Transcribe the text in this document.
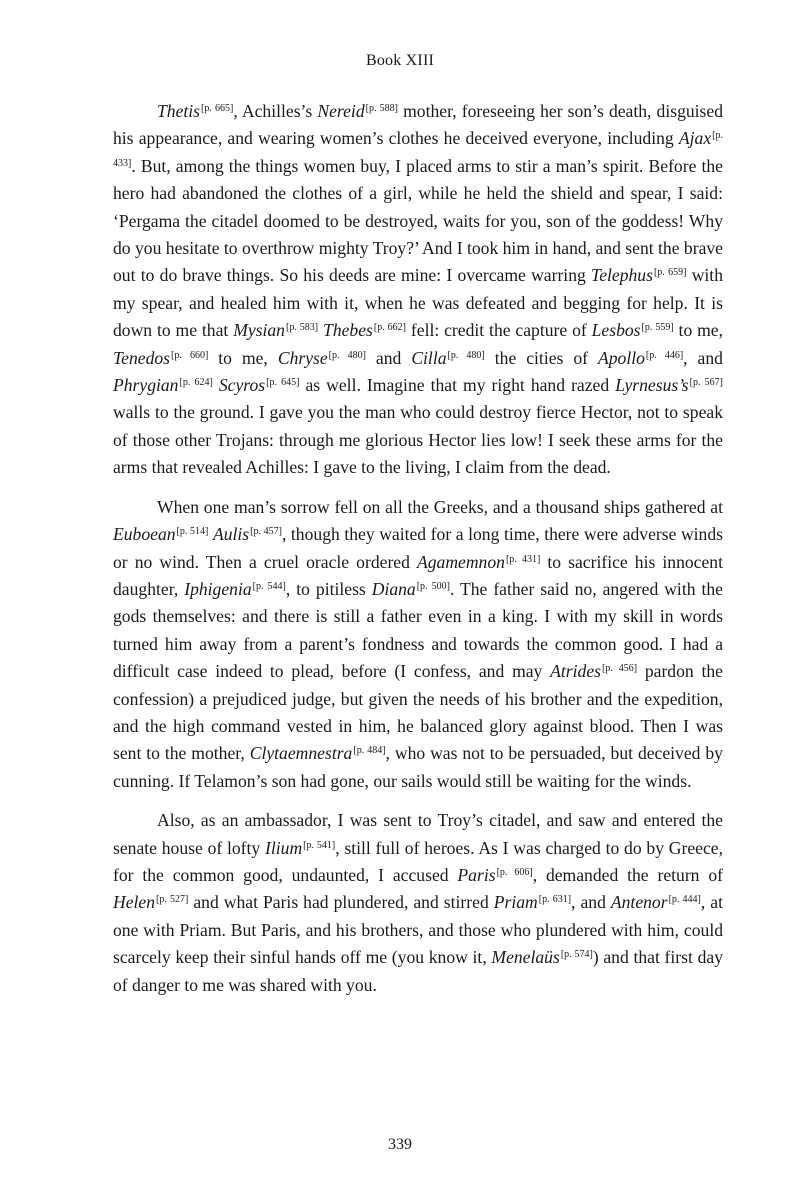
Book XIII

Thetis[p. 665], Achilles’s Nereid[p. 588] mother, foreseeing her son’s death, disguised his appearance, and wearing women’s clothes he deceived everyone, including Ajax[p. 433]. But, among the things women buy, I placed arms to stir a man’s spirit. Before the hero had abandoned the clothes of a girl, while he held the shield and spear, I said: ‘Pergama the citadel doomed to be destroyed, waits for you, son of the goddess! Why do you hesitate to overthrow mighty Troy?’ And I took him in hand, and sent the brave out to do brave things. So his deeds are mine: I overcame warring Telephus[p. 659] with my spear, and healed him with it, when he was defeated and begging for help. It is down to me that Mysian[p. 583] Thebes[p. 662] fell: credit the capture of Lesbos[p. 559] to me, Tenedos[p. 660] to me, Chryse[p. 480] and Cilla[p. 480] the cities of Apollo[p. 446], and Phrygian[p. 624] Scyros[p. 645] as well. Imagine that my right hand razed Lyrnesus’s[p. 567] walls to the ground. I gave you the man who could destroy fierce Hector, not to speak of those other Trojans: through me glorious Hector lies low! I seek these arms for the arms that revealed Achilles: I gave to the living, I claim from the dead.

When one man’s sorrow fell on all the Greeks, and a thousand ships gathered at Euboean[p. 514] Aulis[p. 457], though they waited for a long time, there were adverse winds or no wind. Then a cruel oracle ordered Agamemnon[p. 431] to sacrifice his innocent daughter, Iphigenia[p. 544], to pitiless Diana[p. 500]. The father said no, angered with the gods themselves: and there is still a father even in a king. I with my skill in words turned him away from a parent’s fondness and towards the common good. I had a difficult case indeed to plead, before (I confess, and may Atrides[p. 456] pardon the confession) a prejudiced judge, but given the needs of his brother and the expedition, and the high command vested in him, he balanced glory against blood. Then I was sent to the mother, Clytaemnestra[p. 484], who was not to be persuaded, but deceived by cunning. If Telamon’s son had gone, our sails would still be waiting for the winds.

Also, as an ambassador, I was sent to Troy’s citadel, and saw and entered the senate house of lofty Ilium[p. 541], still full of heroes. As I was charged to do by Greece, for the common good, undaunted, I accused Paris[p. 606], demanded the return of Helen[p. 527] and what Paris had plundered, and stirred Priam[p. 631], and Antenor[p. 444], at one with Priam. But Paris, and his brothers, and those who plundered with him, could scarcely keep their sinful hands off me (you know it, Menelaüs[p. 574]) and that first day of danger to me was shared with you.

339
